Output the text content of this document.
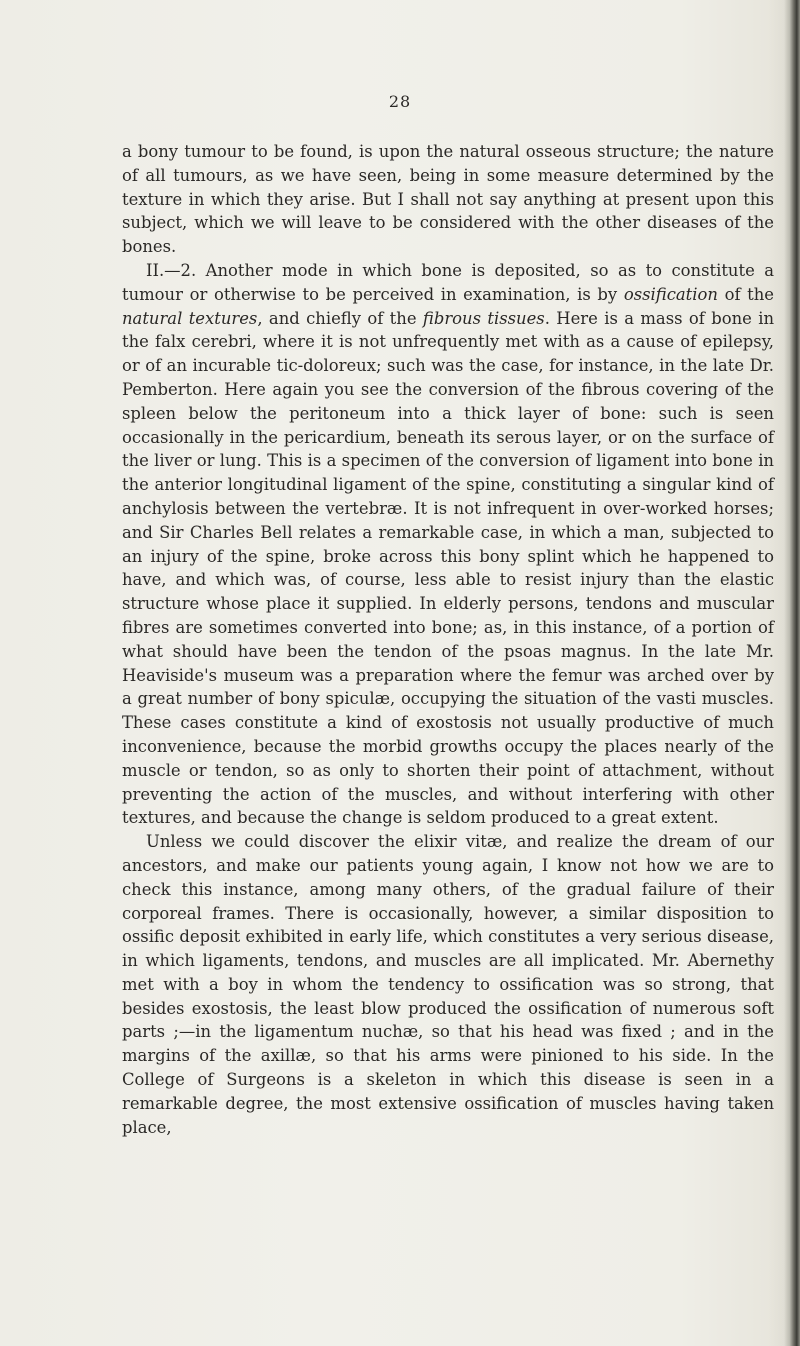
28

a bony tumour to be found, is upon the natural osseous structure; the nature of all tumours, as we have seen, being in some measure determined by the texture in which they arise. But I shall not say anything at present upon this subject, which we will leave to be considered with the other diseases of the bones.

II.—2. Another mode in which bone is deposited, so as to constitute a tumour or otherwise to be perceived in examination, is by ossification of the natural textures, and chiefly of the fibrous tissues. Here is a mass of bone in the falx cerebri, where it is not unfrequently met with as a cause of epilepsy, or of an incurable tic-doloreux; such was the case, for instance, in the late Dr. Pemberton. Here again you see the conversion of the fibrous covering of the spleen below the peritoneum into a thick layer of bone: such is seen occasionally in the pericardium, beneath its serous layer, or on the surface of the liver or lung. This is a specimen of the conversion of ligament into bone in the anterior longitudinal ligament of the spine, constituting a singular kind of anchylosis between the vertebræ. It is not infrequent in over-worked horses; and Sir Charles Bell relates a remarkable case, in which a man, subjected to an injury of the spine, broke across this bony splint which he happened to have, and which was, of course, less able to resist injury than the elastic structure whose place it supplied. In elderly persons, tendons and muscular fibres are sometimes converted into bone; as, in this instance, of a portion of what should have been the tendon of the psoas magnus. In the late Mr. Heaviside's museum was a preparation where the femur was arched over by a great number of bony spiculæ, occupying the situation of the vasti muscles. These cases constitute a kind of exostosis not usually productive of much inconvenience, because the morbid growths occupy the places nearly of the muscle or tendon, so as only to shorten their point of attachment, without preventing the action of the muscles, and without interfering with other textures, and because the change is seldom produced to a great extent.

Unless we could discover the elixir vitæ, and realize the dream of our ancestors, and make our patients young again, I know not how we are to check this instance, among many others, of the gradual failure of their corporeal frames. There is occasionally, however, a similar disposition to ossific deposit exhibited in early life, which constitutes a very serious disease, in which ligaments, tendons, and muscles are all implicated. Mr. Abernethy met with a boy in whom the tendency to ossification was so strong, that besides exostosis, the least blow produced the ossification of numerous soft parts ;—in the ligamentum nuchæ, so that his head was fixed ; and in the margins of the axillæ, so that his arms were pinioned to his side. In the College of Surgeons is a skeleton in which this disease is seen in a remarkable degree, the most extensive ossification of muscles having taken place,
